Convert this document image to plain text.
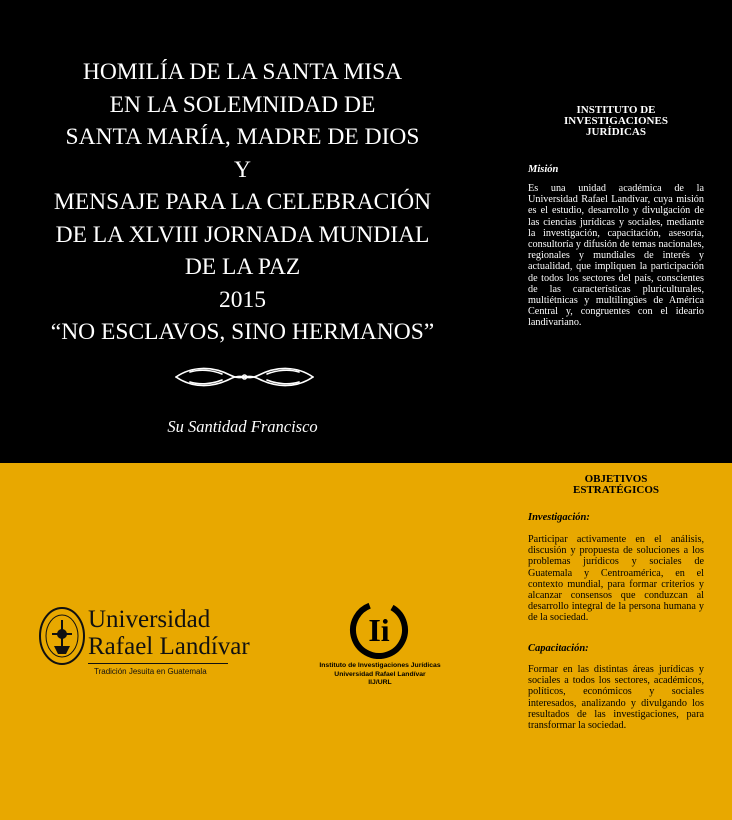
HOMILÍA DE LA SANTA MISA
EN LA SOLEMNIDAD DE
SANTA MARÍA, MADRE DE DIOS
Y
MENSAJE PARA LA CELEBRACIÓN
DE LA XLVIII JORNADA MUNDIAL
DE LA PAZ
2015
“NO ESCLAVOS, SINO HERMANOS”
Su Santidad Francisco
INSTITUTO DE
INVESTIGACIONES
JURÍDICAS
Misión
Es una unidad académica de la Universidad Rafael Landívar, cuya misión es el estudio, desarrollo y divulgación de las ciencias jurídicas y sociales, mediante la investigación, capacitación, asesoría, consultoría y difusión de temas nacionales, regionales y mundiales de interés y actualidad, que impliquen la participación de todos los sectores del país, conscientes de las características pluriculturales, multiétnicas y multilingües de América Central y, congruentes con el ideario landivariano.
OBJETIVOS
ESTRATÉGICOS
Investigación:
Participar activamente en el análisis, discusión y propuesta de soluciones a los problemas jurídicos y sociales de Guatemala y Centroamérica, en el contexto mundial, para formar criterios y alcanzar consensos que conduzcan al desarrollo integral de la persona humana y de la sociedad.
Capacitación:
Formar en las distintas áreas jurídicas y sociales a todos los sectores, académicos, políticos, económicos y sociales interesados, analizando y divulgando los resultados de las investigaciones, para transformar la sociedad.
Universidad
Rafael Landívar
Tradición Jesuita en Guatemala
Ii
Instituto de Investigaciones Jurídicas
Universidad Rafael Landívar
IIJ/URL
